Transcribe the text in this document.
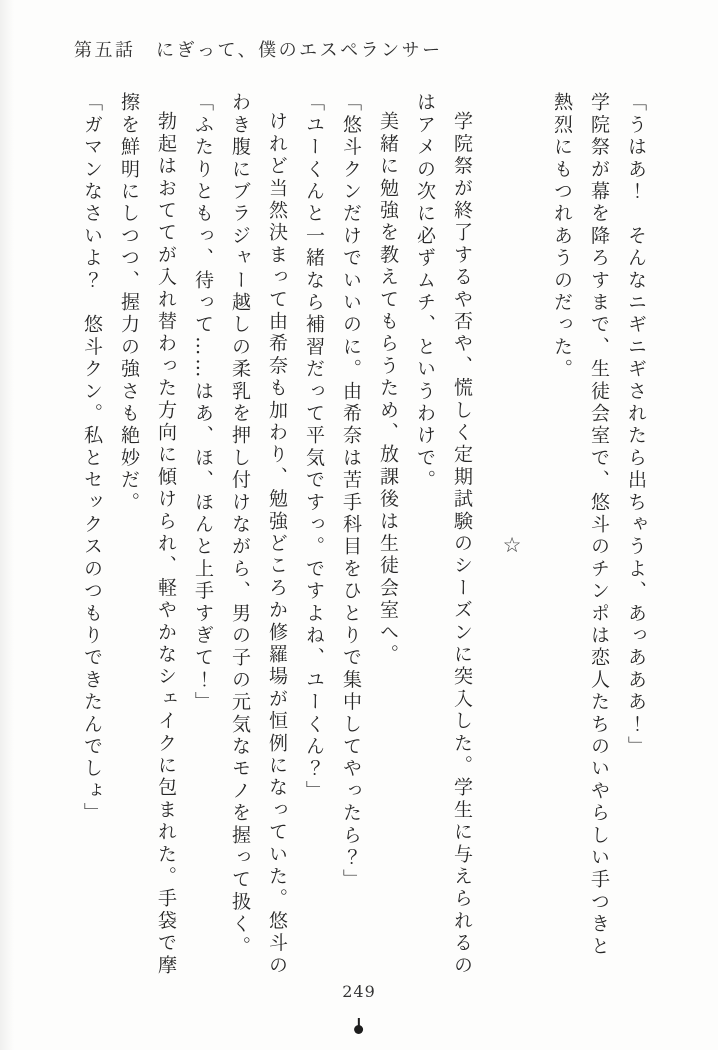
第五話　にぎって、僕のエスペランサー

「うはあ！　そんなニギニギされたら出ちゃうよ、あっあああ！」

学院祭が幕を降ろすまで、生徒会室で、悠斗のチンポは恋人たちのいやらしい手つきと

熱烈にもつれあうのだった。

☆

学院祭が終了するや否や、慌しく定期試験のシーズンに突入した。学生に与えられるの

はアメの次に必ずムチ、というわけで。

美緒に勉強を教えてもらうため、放課後は生徒会室へ。

「悠斗クンだけでいいのに。由希奈は苦手科目をひとりで集中してやったら？」

「ユーくんと一緒なら補習だって平気ですっ。ですよね、ユーくん？」

けれど当然決まって由希奈も加わり、勉強どころか修羅場が恒例になっていた。悠斗の

わき腹にブラジャー越しの柔乳を押し付けながら、男の子の元気なモノを握って扱く。

「ふたりともっ、待って……はあ、ほ、ほんと上手すぎて！」

勃起はおててが入れ替わった方向に傾けられ、軽やかなシェイクに包まれた。手袋で摩

擦を鮮明にしつつ、握力の強さも絶妙だ。

「ガマンなさいよ？　悠斗クン。私とセックスのつもりできたんでしょ」

249
